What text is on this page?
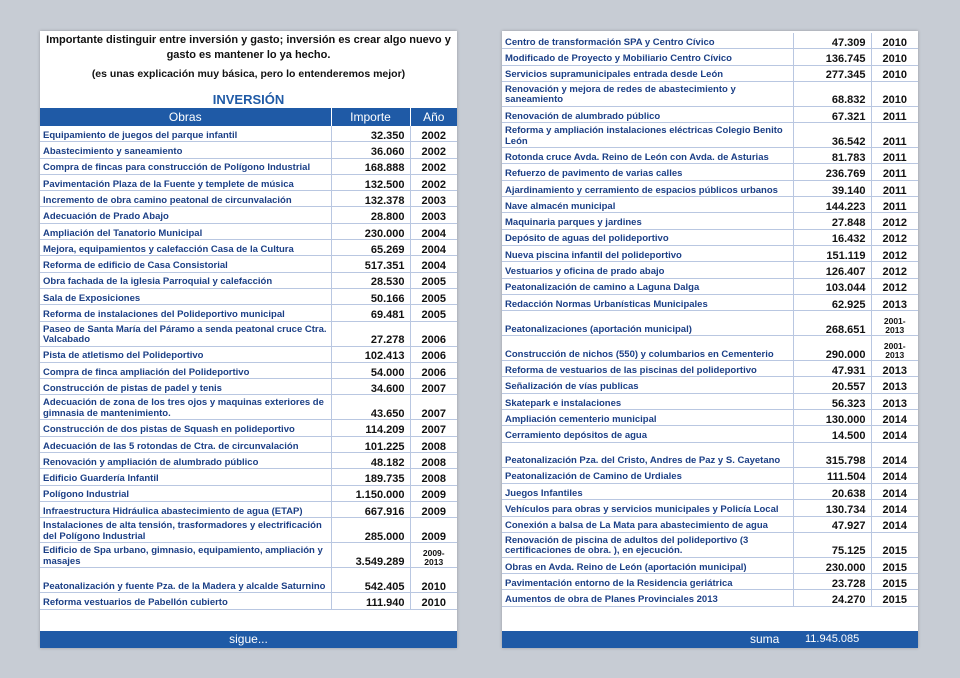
Importante distinguir entre inversión y gasto; inversión es crear algo nuevo y gasto es mantener lo ya hecho.
(es unas explicación muy básica, pero lo entenderemos mejor)
INVERSIÓN
Obras	Importe	Año
Equipamiento de juegos del parque infantil	32.350	2002
Abastecimiento y saneamiento	36.060	2002
Compra de fincas para construcción de Polígono Industrial	168.888	2002
Pavimentación Plaza de la Fuente y templete de música	132.500	2002
Incremento de obra camino peatonal de circunvalación	132.378	2003
Adecuación de Prado Abajo	28.800	2003
Ampliación del Tanatorio Municipal	230.000	2004
Mejora, equipamientos y calefacción Casa de la Cultura	65.269	2004
Reforma de edificio de Casa Consistorial	517.351	2004
Obra fachada de la iglesia Parroquial y calefacción	28.530	2005
Sala de Exposiciones	50.166	2005
Reforma de instalaciones del Polideportivo municipal	69.481	2005
Paseo de Santa María del Páramo a senda peatonal cruce Ctra. Valcabado	27.278	2006
Pista de atletismo del Polideportivo	102.413	2006
Compra de finca ampliación del Polideportivo	54.000	2006
Construcción de pistas de padel y tenis	34.600	2007
Adecuación de zona de los tres ojos y maquinas exteriores de gimnasia de mantenimiento.	43.650	2007
Construcción de dos pistas de Squash en polideportivo	114.209	2007
Adecuación de las 5 rotondas de Ctra. de circunvalación	101.225	2008
Renovación y ampliación de alumbrado público	48.182	2008
Edificio Guardería Infantil	189.735	2008
Polígono Industrial	1.150.000	2009
Infraestructura Hidráulica abastecimiento de agua (ETAP)	667.916	2009
Instalaciones de alta tensión, trasformadores y electrificación del Polígono Industrial	285.000	2009
Edificio de Spa urbano, gimnasio, equipamiento, ampliación y masajes	3.549.289	2009-2013
Peatonalización y fuente Pza. de la Madera y alcalde Saturnino	542.405	2010
Reforma vestuarios de Pabellón cubierto	111.940	2010
sigue...
Centro de transformación SPA y Centro Cívico	47.309	2010
Modificado de Proyecto y Mobiliario Centro Cívico	136.745	2010
Servicios supramunicipales entrada desde León	277.345	2010
Renovación y mejora de redes de abastecimiento y saneamiento	68.832	2010
Renovación de alumbrado público	67.321	2011
Reforma y ampliación instalaciones eléctricas Colegio Benito León	36.542	2011
Rotonda cruce Avda. Reino de León con Avda. de Asturias	81.783	2011
Refuerzo de pavimento de varias calles	236.769	2011
Ajardinamiento y cerramiento de espacios públicos urbanos	39.140	2011
Nave almacén municipal	144.223	2011
Maquinaria parques y jardines	27.848	2012
Depósito de aguas del polideportivo	16.432	2012
Nueva piscina infantil del polideportivo	151.119	2012
Vestuarios y oficina de prado abajo	126.407	2012
Peatonalización de camino a Laguna Dalga	103.044	2012
Redacción Normas Urbanísticas Municipales	62.925	2013
Peatonalizaciones (aportación municipal)	268.651	2001-2013
Construcción de nichos (550) y columbarios en Cementerio	290.000	2001-2013
Reforma de vestuarios de las piscinas del polideportivo	47.931	2013
Señalización de vías publicas	20.557	2013
Skatepark e instalaciones	56.323	2013
Ampliación cementerio municipal	130.000	2014
Cerramiento depósitos de agua	14.500	2014
Peatonalización Pza. del Cristo, Andres de Paz y S. Cayetano	315.798	2014
Peatonalización de Camino de Urdiales	111.504	2014
Juegos Infantiles	20.638	2014
Vehículos para obras y servicios municipales y Policía Local	130.734	2014
Conexión a balsa de La Mata para abastecimiento de agua	47.927	2014
Renovación de piscina de adultos del polideportivo (3 certificaciones de obra. ), en ejecución.	75.125	2015
Obras en Avda. Reino de León (aportación municipal)	230.000	2015
Pavimentación entorno de la Residencia geriátrica	23.728	2015
Aumentos de obra de Planes Provinciales 2013	24.270	2015
suma 11.945.085
